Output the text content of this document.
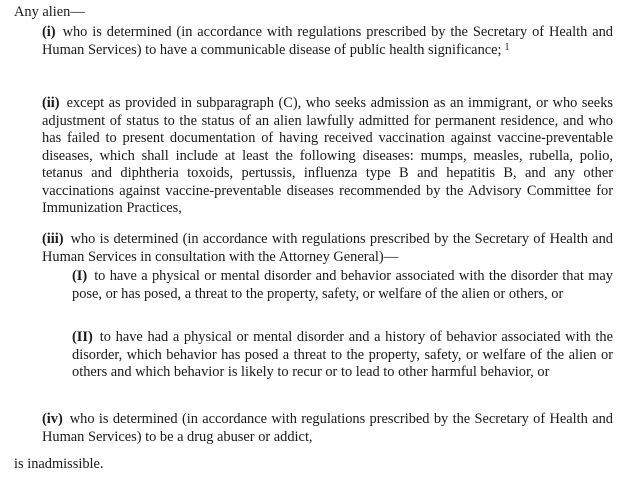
Any alien—

(i) who is determined (in accordance with regulations prescribed by the Secretary of Health and Human Services) to have a communicable disease of public health significance; $^1$

(ii) except as provided in subparagraph (C), who seeks admission as an immigrant, or who seeks adjustment of status to the status of an alien lawfully admitted for permanent residence, and who has failed to present documentation of having received vaccination against vaccine-preventable diseases, which shall include at least the following diseases: mumps, measles, rubella, polio, tetanus and diphtheria toxoids, pertussis, influenza type B and hepatitis B, and any other vaccinations against vaccine-preventable diseases recommended by the Advisory Committee for Immunization Practices,

(iii) who is determined (in accordance with regulations prescribed by the Secretary of Health and Human Services in consultation with the Attorney General)—

(I) to have a physical or mental disorder and behavior associated with the disorder that may pose, or has posed, a threat to the property, safety, or welfare of the alien or others, or

(II) to have had a physical or mental disorder and a history of behavior associated with the disorder, which behavior has posed a threat to the property, safety, or welfare of the alien or others and which behavior is likely to recur or to lead to other harmful behavior, or

(iv) who is determined (in accordance with regulations prescribed by the Secretary of Health and Human Services) to be a drug abuser or addict,

is inadmissible.
